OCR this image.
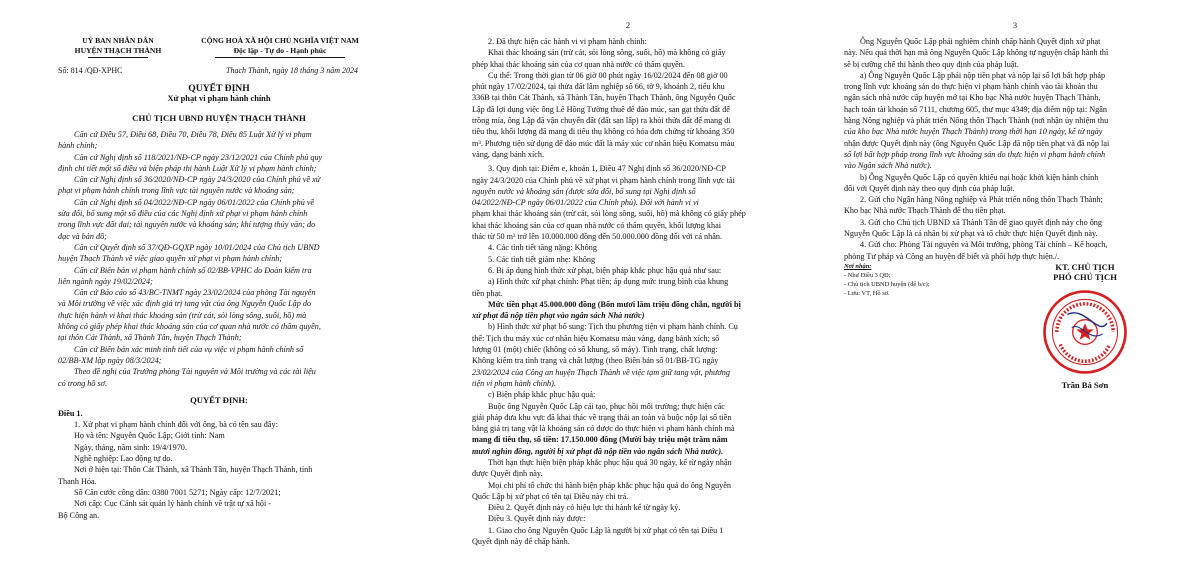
UỶ BAN NHÂN DÂN
HUYỆN THẠCH THÀNH
CỘNG HOÀ XÃ HỘI CHỦ NGHĨA VIỆT NAM
Độc lập - Tự do - Hạnh phúc
Số: 814 /QĐ-XPHC	Thạch Thành, ngày 18 tháng 3 năm 2024
QUYẾT ĐỊNH
Xử phạt vi phạm hành chính
CHỦ TỊCH UBND HUYỆN THẠCH THÀNH

Căn cứ Điều 57, Điều 68, Điều 70, Điều 78, Điều 85 Luật Xử lý vi phạm

hành chính;

Căn cứ Nghị định số 118/2021/NĐ-CP ngày 23/12/2021 của Chính phủ quy

định chi tiết một số điều và biện pháp thi hành Luật Xử lý vi phạm hành chính;

Căn cứ Nghị định số 36/2020/NĐ-CP ngày 24/3/2020 của Chính phủ về xử

phạt vi phạm hành chính trong lĩnh vực tài nguyên nước và khoáng sản;

Căn cứ Nghị định số 04/2022/NĐ-CP ngày 06/01/2022 của Chính phủ về

sửa đổi, bổ sung một số điều của các Nghị định xử phạt vi phạm hành chính

trong lĩnh vực đất đai; tài nguyên nước và khoáng sản; khí tượng thủy văn; đo

đạc và bản đồ;

Căn cứ Quyết định số 37/QĐ-GQXP ngày 10/01/2024 của Chủ tịch UBND

huyện Thạch Thành về việc giao quyền xử phạt vi phạm hành chính;

Căn cứ Biên bản vi phạm hành chính số 02/BB-VPHC do Đoàn kiểm tra

liên ngành ngày 19/02/2024;

Căn cứ Báo cáo số 43/BC-TNMT ngày 23/02/2024 của phòng Tài nguyên

và Môi trường về việc xác định giá trị tang vật của ông Nguyễn Quốc Lập do

thực hiện hành vi khai thác khoáng sản (trừ cát, sỏi lòng sông, suối, hồ) mà

không có giấy phép khai thác khoáng sản của cơ quan nhà nước có thẩm quyền,

tại thôn Cát Thành, xã Thành Tân, huyện Thạch Thành;

Căn cứ Biên bản xác minh tình tiết của vụ việc vi phạm hành chính số

02/BB-XM lập ngày 08/3/2024;

Theo đề nghị của Trưởng phòng Tài nguyên và Môi trường và các tài liệu

có trong hồ sơ.

QUYẾT ĐỊNH:

Điều 1.

1. Xử phạt vi phạm hành chính đối với ông, bà có tên sau đây:

Họ và tên: Nguyễn Quốc Lập; Giới tính: Nam

Ngày, tháng, năm sinh: 19/4/1970.

Nghề nghiệp: Lao động tự do.

Nơi ở hiện tại: Thôn Cát Thành, xã Thành Tân, huyện Thạch Thành, tỉnh

Thanh Hóa.

Số Căn cước công dân: 0380 7001 5271; Ngày cấp: 12/7/2021;

Nơi cấp: Cục Cảnh sát quản lý hành chính về trật tự xã hội -

Bộ Công an.

2

2. Đã thực hiện các hành vi vi phạm hành chính:

Khai thác khoáng sản (trừ cát, sỏi lòng sông, suối, hồ) mà không có giấy

phép khai thác khoáng sản của cơ quan nhà nước có thẩm quyền.

Cụ thể: Trong thời gian từ 06 giờ 00 phút ngày 16/02/2024 đến 08 giờ 00

phút ngày 17/02/2024, tại thửa đất lâm nghiệp số 66, tờ 9, khoảnh 2, tiểu khu

336B tại thôn Cát Thành, xã Thành Tân, huyện Thạch Thành, ông Nguyễn Quốc

Lập đã lợi dụng việc ông Lê Hồng Tường thuê để đào múc, san gạt thửa đất để

trồng mía, ông Lập đã vận chuyển đất (đất san lấp) ra khỏi thửa đất để mang đi

tiêu thụ, khối lượng đã mang đi tiêu thụ không có hóa đơn chứng từ khoảng 350

m³. Phương tiện sử dụng để đào múc đất là máy xúc cơ nhãn hiệu Komatsu màu

vàng, dạng bánh xích.

3. Quy định tại: Điểm e, khoản 1, Điều 47 Nghị định số 36/2020/NĐ-CP

ngày 24/3/2020 của Chính phủ về xử phạt vi phạm hành chính trong lĩnh vực tài

nguyên nước và khoáng sản (được sửa đổi, bổ sung tại Nghị định số

04/2022/NĐ-CP ngày 06/01/2022 của Chính phủ). Đối với hành vi vi

phạm khai thác khoáng sản (trừ cát, sỏi lòng sông, suối, hồ) mà không có giấy phép

khai thác khoáng sản của cơ quan nhà nước có thẩm quyền, khối lượng khai

thác từ 50 m³ trở lên 10.000.000 đồng đến 50.000.000 đồng đối với cá nhân.

4. Các tình tiết tăng nặng: Không

5. Các tình tiết giảm nhẹ: Không

6. Bị áp dụng hình thức xử phạt, biện pháp khắc phục hậu quả như sau:

a) Hình thức xử phạt chính: Phạt tiền; áp dụng mức trung bình của khung

tiền phạt.

Mức tiền phạt 45.000.000 đồng (Bốn mươi lăm triệu đồng chẵn, người bị

xử phạt đã nộp tiền phạt vào ngân sách Nhà nước)

b) Hình thức xử phạt bổ sung: Tịch thu phương tiện vi phạm hành chính. Cụ

thể: Tịch thu máy xúc cơ nhãn hiệu Komatsu màu vàng, dạng bánh xích; số

lượng 01 (một) chiếc (không có số khung, số máy). Tình trạng, chất lượng:

Không kiểm tra tình trạng và chất lượng (theo Biên bản số 01/BB-TG ngày

23/02/2024 của Công an huyện Thạch Thành về việc tạm giữ tang vật, phương

tiện vi phạm hành chính).

c) Biện pháp khắc phục hậu quả:

Buộc ông Nguyễn Quốc Lập cải tạo, phục hồi môi trường; thực hiện các

giải pháp đưa khu vực đã khai thác về trạng thái an toàn và buộc nộp lại số tiền

bằng giá trị tang vật là khoáng sản có được do thực hiện vi phạm hành chính mà

mang đi tiêu thụ, số tiền: 17.150.000 đồng (Mười bảy triệu một trăm năm

mươi nghìn đồng, người bị xử phạt đã nộp tiền vào ngân sách Nhà nước).

Thời hạn thực hiện biện pháp khắc phục hậu quả 30 ngày, kể từ ngày nhận

được Quyết định này.

Mọi chi phí tổ chức thi hành biện pháp khắc phục hậu quả do ông Nguyễn

Quốc Lập bị xử phạt có tên tại Điều này chi trả.

Điều 2. Quyết định này có hiệu lực thi hành kể từ ngày ký.

Điều 3. Quyết định này được:

1. Giao cho ông Nguyễn Quốc Lập là người bị xử phạt có tên tại Điều 1

Quyết định này để chấp hành.

3

Ông Nguyễn Quốc Lập phải nghiêm chỉnh chấp hành Quyết định xử phạt

này. Nếu quá thời hạn mà ông Nguyễn Quốc Lập không tự nguyện chấp hành thì

sẽ bị cưỡng chế thi hành theo quy định của pháp luật.

a) Ông Nguyễn Quốc Lập phải nộp tiền phạt và nộp lại số lợi bất hợp pháp

trong lĩnh vực khoáng sản do thực hiện vi phạm hành chính vào tài khoản thu

ngân sách nhà nước cấp huyện mở tại Kho bạc Nhà nước huyện Thạch Thành,

hạch toán tài khoản số 7111, chương 605, thư mục 4349; địa điểm nộp tại: Ngân

hàng Nông nghiệp và phát triển Nông thôn Thạch Thành (nơi nhận ủy nhiệm thu

của kho bạc Nhà nước huyện Thạch Thành) trong thời hạn 10 ngày, kể từ ngày

nhận được Quyết định này (ông Nguyễn Quốc Lập đã nộp tiền phạt và đã nộp lại

số lợi bất hợp pháp trong lĩnh vực khoáng sản do thực hiện vi phạm hành chính

vào Ngân sách Nhà nước).

b) Ông Nguyễn Quốc Lập có quyền khiếu nại hoặc khởi kiện hành chính

đối với Quyết định này theo quy định của pháp luật.

2. Gửi cho Ngân hàng Nông nghiệp và Phát triển nông thôn Thạch Thành;

Kho bạc Nhà nước Thạch Thành để thu tiền phạt.

3. Gửi cho Chủ tịch UBND xã Thành Tân để giao quyết định này cho ông

Nguyễn Quốc Lập là cá nhân bị xử phạt và tổ chức thực hiện Quyết định này.

4. Gửi cho: Phòng Tài nguyên và Môi trường, phòng Tài chính – Kế hoạch,

phòng Tư pháp và Công an huyện để biết và phối hợp thực hiện./.

Nơi nhận:
- Như Điều 3 QĐ;
- Chủ tịch UBND huyện (để b/c);
- Lưu: VT, Hồ sơ.
KT. CHỦ TỊCH
PHÓ CHỦ TỊCH
Trần Bá Sơn
